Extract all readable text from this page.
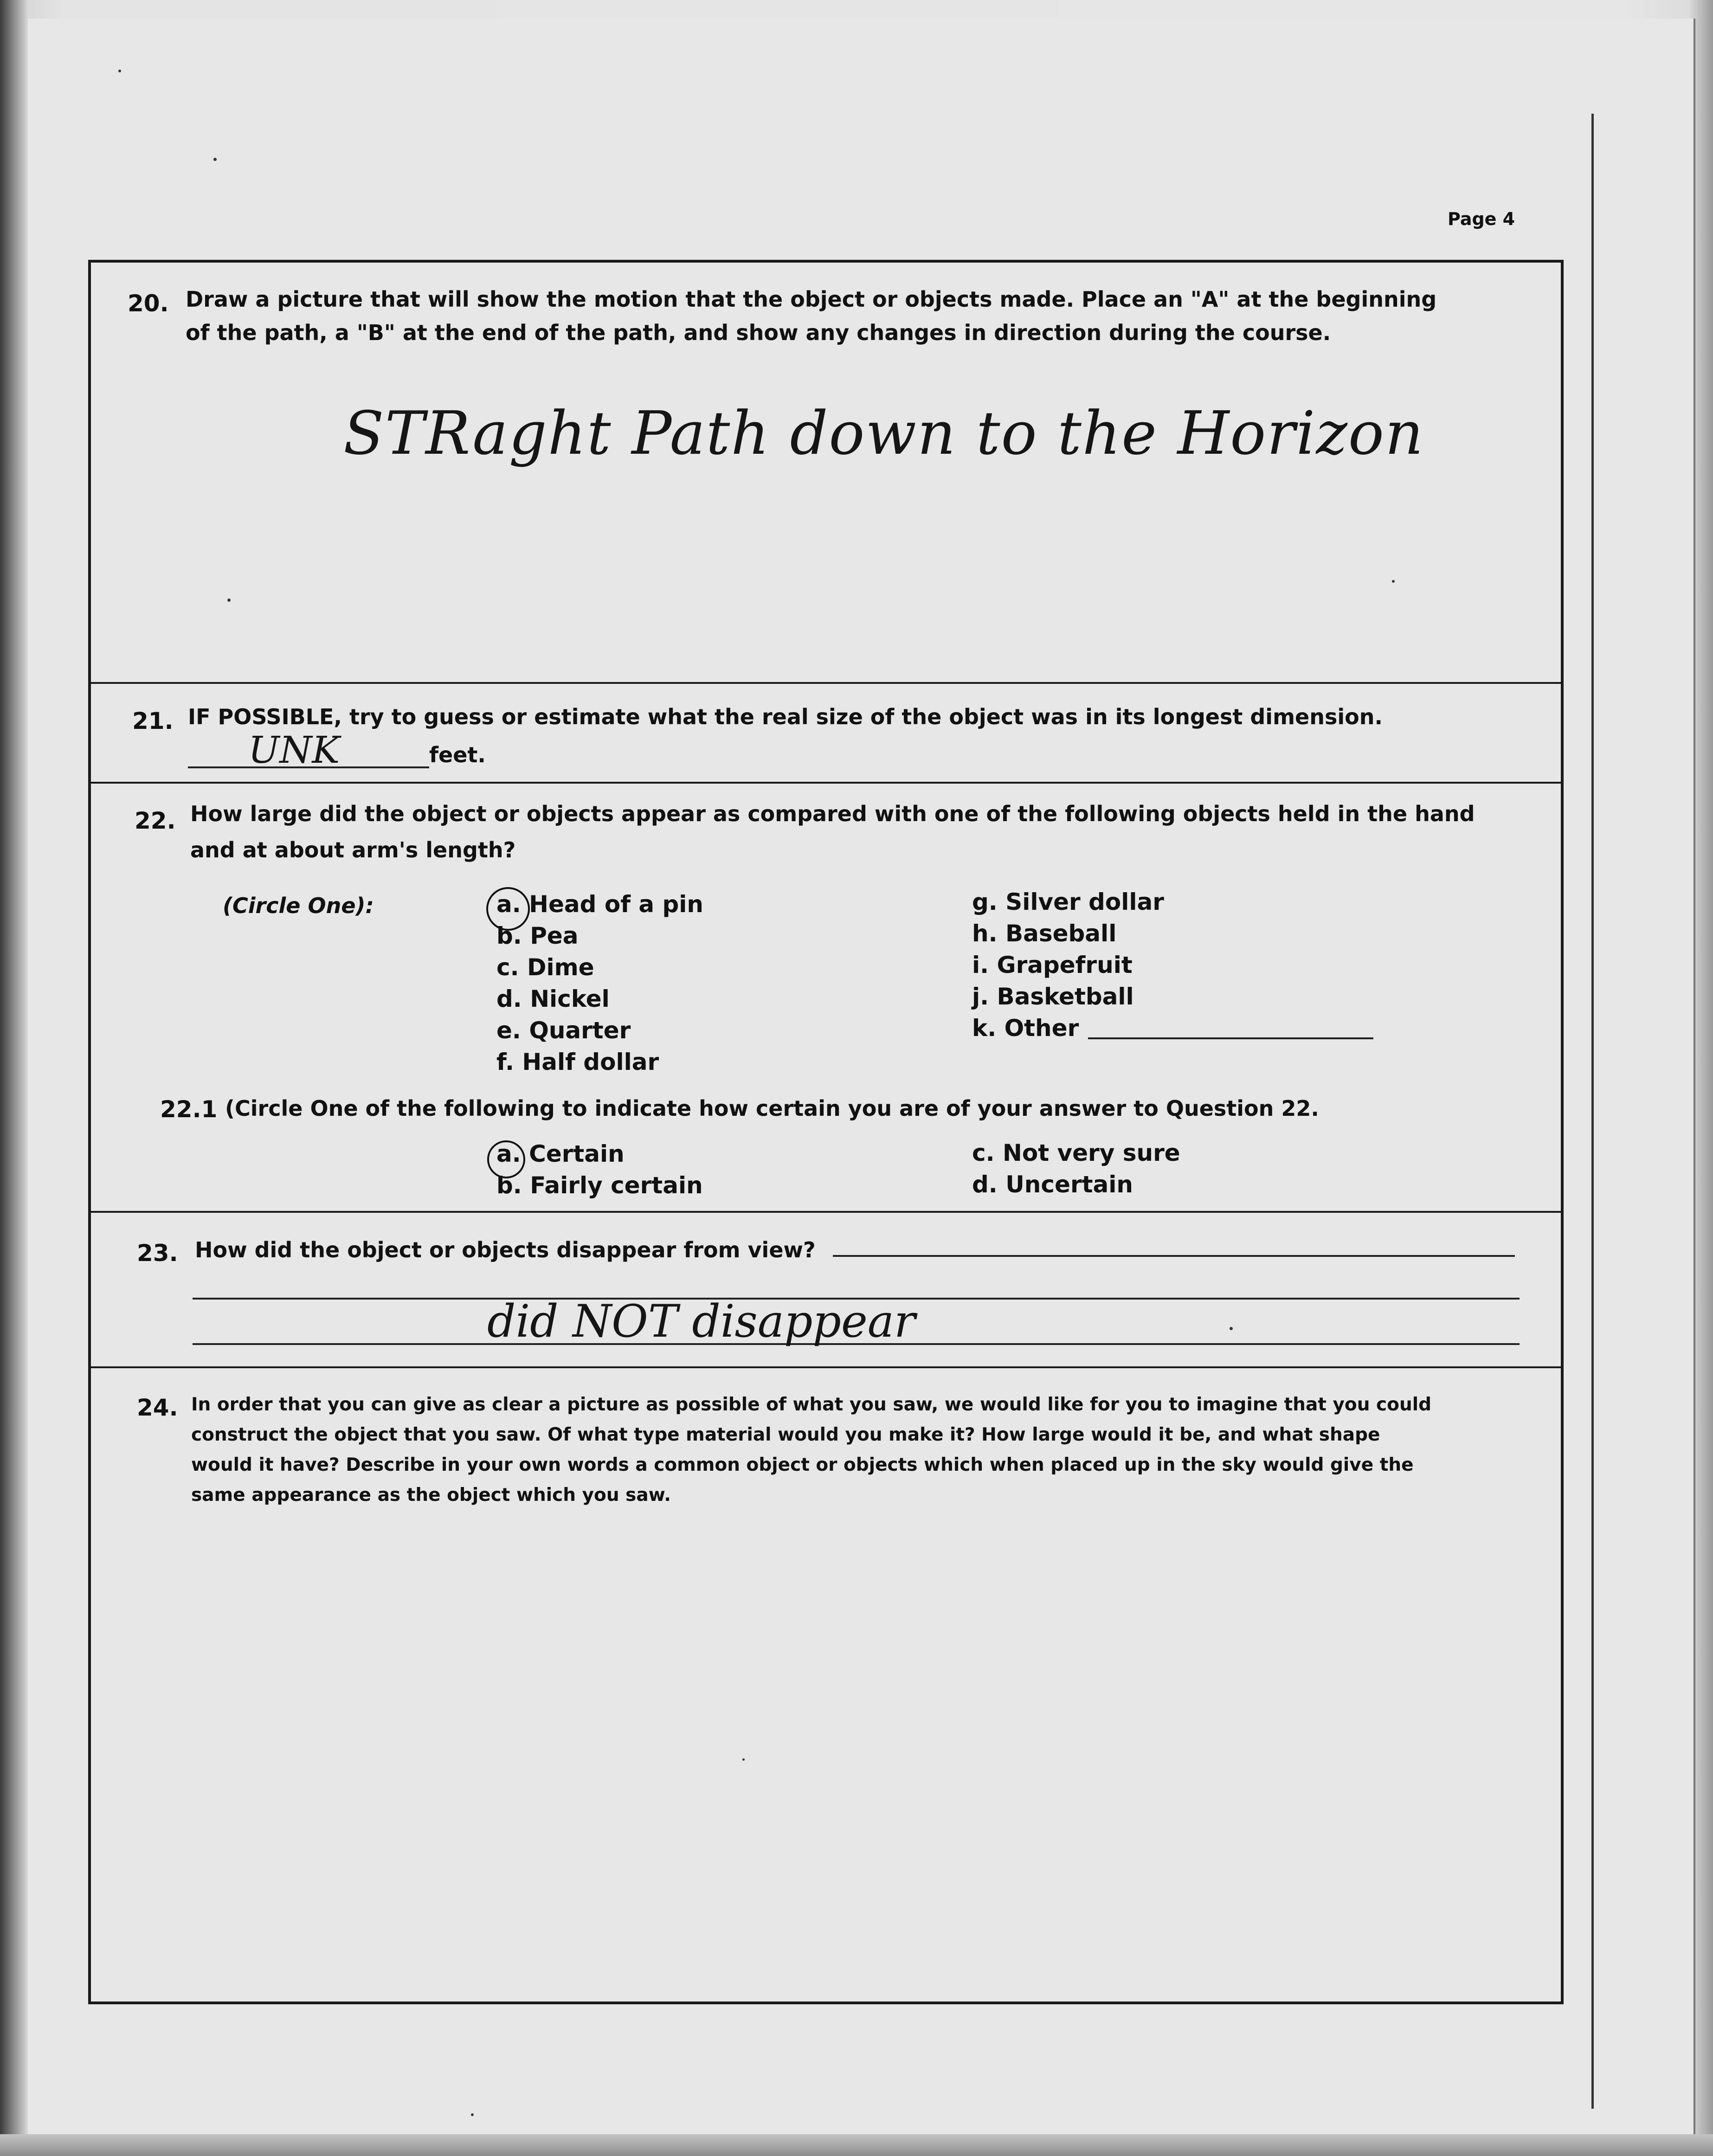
Page 4
20. Draw a picture that will show the motion that the object or objects made. Place an "A" at the beginning
of the path, a "B" at the end of the path, and show any changes in direction during the course.
STRaght Path down to the Horizon
21. IF POSSIBLE, try to guess or estimate what the real size of the object was in its longest dimension.
UNK	feet.
22. How large did the object or objects appear as compared with one of the following objects held in the hand
and at about arm's length?
(Circle One):	a. Head of a pin
b. Pea
c. Dime
d. Nickel
e. Quarter
f. Half dollar
g. Silver dollar
h. Baseball
i. Grapefruit
j. Basketball
k. Other
22.1 (Circle One of the following to indicate how certain you are of your answer to Question 22.
a. Certain
b. Fairly certain
c. Not very sure
d. Uncertain
23. How did the object or objects disappear from view?
did NOT disappear
24. In order that you can give as clear a picture as possible of what you saw, we would like for you to imagine that you could
construct the object that you saw. Of what type material would you make it? How large would it be, and what shape
would it have? Describe in your own words a common object or objects which when placed up in the sky would give the
same appearance as the object which you saw.
